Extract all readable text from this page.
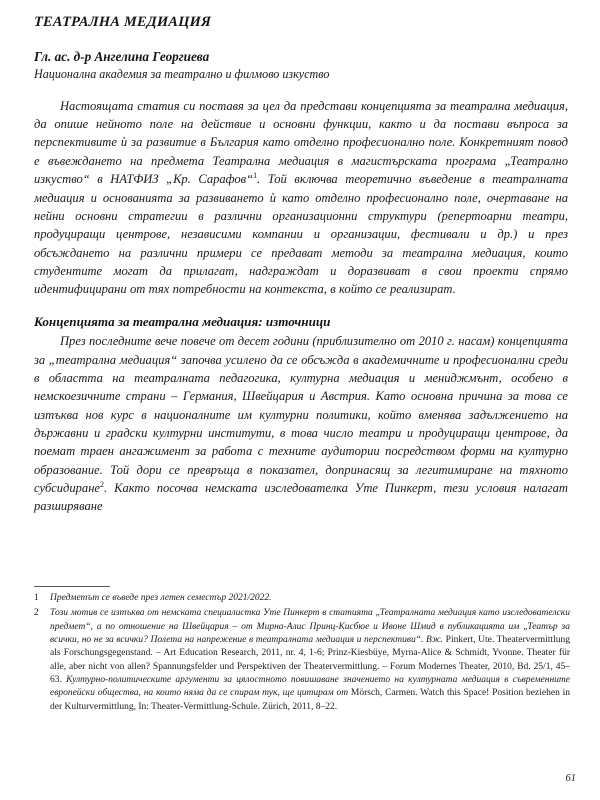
ТЕАТРАЛНА МЕДИАЦИЯ
Гл. ас. д-р Ангелина Георгиева
Национална академия за театрално и филмово изкуство

Настоящата статия си поставя за цел да представи концепцията за театрална медиация, да опише нейното поле на действие и основни функции, както и да постави въпроса за перспективите ѝ за развитие в България като отделно професионално поле. Конкретният повод е въвеждането на предмета Театрална медиация в магистърската програма „Театрално изкуство“ в НАТФИЗ „Кр. Сарафов“$^1$. Той включва теоретично въведение в театралната медиация и основанията за развиването ѝ като отделно професионално поле, очертаване на нейни основни стратегии в различни организационни структури (репертоарни театри, продуциращи центрове, независими компании и организации, фестивали и др.) и през обсъждането на различни примери се предават методи за театрална медиация, които студентите могат да прилагат, надграждат и доразвиват в свои проекти спрямо идентифицирани от тях потребности на контекста, в който се реализират.

Концепцията за театрална медиация: източници

През последните вече повече от десет години (приблизително от 2010 г. насам) концепцията за „театрална медиация“ започва усилено да се обсъжда в академичните и професионални среди в областта на театралната педагогика, културна медиация и мениджмънт, особено в немскоезичните страни – Германия, Швейцария и Австрия. Като основна причина за това се изтъква нов курс в националните им културни политики, който вменява задължението на държавни и градски културни институти, в това число театри и продуциращи центрове, да поемат траен ангажимент за работа с техните аудитории посредством форми на културно образование. Той дори се превръща в показател, допринасящ за легитимиране на тяхното субсидиране$^2$. Както посочва немската изследователка Уте Пинкерт, тези условия налагат разширяване

1	Предметът се въведе през летен семестър 2021/2022.
2	Този мотив се изтъква от немската специалистка Уте Пинкерт в статията „Театралната медиация като изследователски предмет“, а по отношение на Швейцария – от Мирна-Алис Принц-Кисбюе и Ивоне Шмид в публикацията им „Театър за всички, но не за всички? Полета на напрежение в театралната медиация и перспективи“. Вж. Pinkert, Ute. Theatervermittlung als Forschungsgegenstand. – Art Education Research, 2011, nr. 4, 1-6; Prinz-Kiesbüye, Myrna-Alice & Schmidt, Yvonne. Theater für alle, aber nicht von allen? Spannungsfelder und Perspektiven der Theatervermittlung. – Forum Modernes Theater, 2010, Bd. 25/1, 45–63. Културно-политическите аргументи за цялостното повишаване значението на културната медиация в съвременните европейски общества, на които няма да се спирам тук, ще цитирам от Mörsch, Carmen. Watch this Space! Position beziehen in der Kulturvermittlung, In: Theater-Vermittlung-Schule. Zürich, 2011, 8–22.
61
